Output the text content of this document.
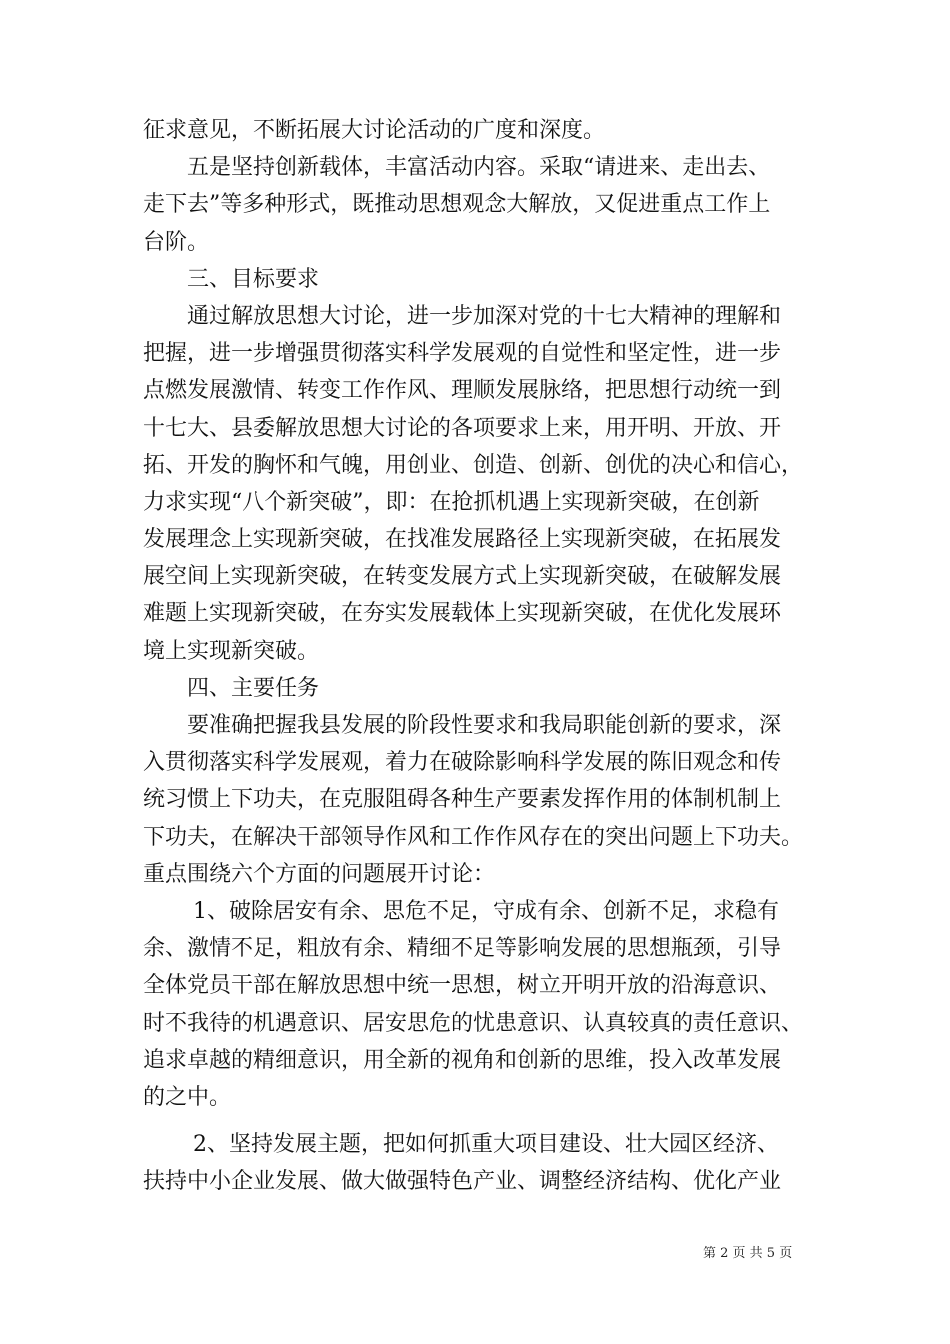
征求意见，不断拓展大讨论活动的广度和深度。
五是坚持创新载体，丰富活动内容。采取“请进来、走出去、
走下去”等多种形式，既推动思想观念大解放，又促进重点工作上
台阶。
三、目标要求
通过解放思想大讨论，进一步加深对党的十七大精神的理解和
把握，进一步增强贯彻落实科学发展观的自觉性和坚定性，进一步
点燃发展激情、转变工作作风、理顺发展脉络，把思想行动统一到
十七大、县委解放思想大讨论的各项要求上来，用开明、开放、开
拓、开发的胸怀和气魄，用创业、创造、创新、创优的决心和信心，
力求实现“八个新突破”，即：在抢抓机遇上实现新突破，在创新
发展理念上实现新突破，在找准发展路径上实现新突破，在拓展发
展空间上实现新突破，在转变发展方式上实现新突破，在破解发展
难题上实现新突破，在夯实发展载体上实现新突破，在优化发展环
境上实现新突破。
四、主要任务
要准确把握我县发展的阶段性要求和我局职能创新的要求，深
入贯彻落实科学发展观，着力在破除影响科学发展的陈旧观念和传
统习惯上下功夫，在克服阻碍各种生产要素发挥作用的体制机制上
下功夫，在解决干部领导作风和工作作风存在的突出问题上下功夫。
重点围绕六个方面的问题展开讨论：
1、破除居安有余、思危不足，守成有余、创新不足，求稳有
余、激情不足，粗放有余、精细不足等影响发展的思想瓶颈，引导
全体党员干部在解放思想中统一思想，树立开明开放的沿海意识、
时不我待的机遇意识、居安思危的忧患意识、认真较真的责任意识、
追求卓越的精细意识，用全新的视角和创新的思维，投入改革发展
的之中。
2、坚持发展主题，把如何抓重大项目建设、壮大园区经济、
扶持中小企业发展、做大做强特色产业、调整经济结构、优化产业
第 2 页 共 5 页
